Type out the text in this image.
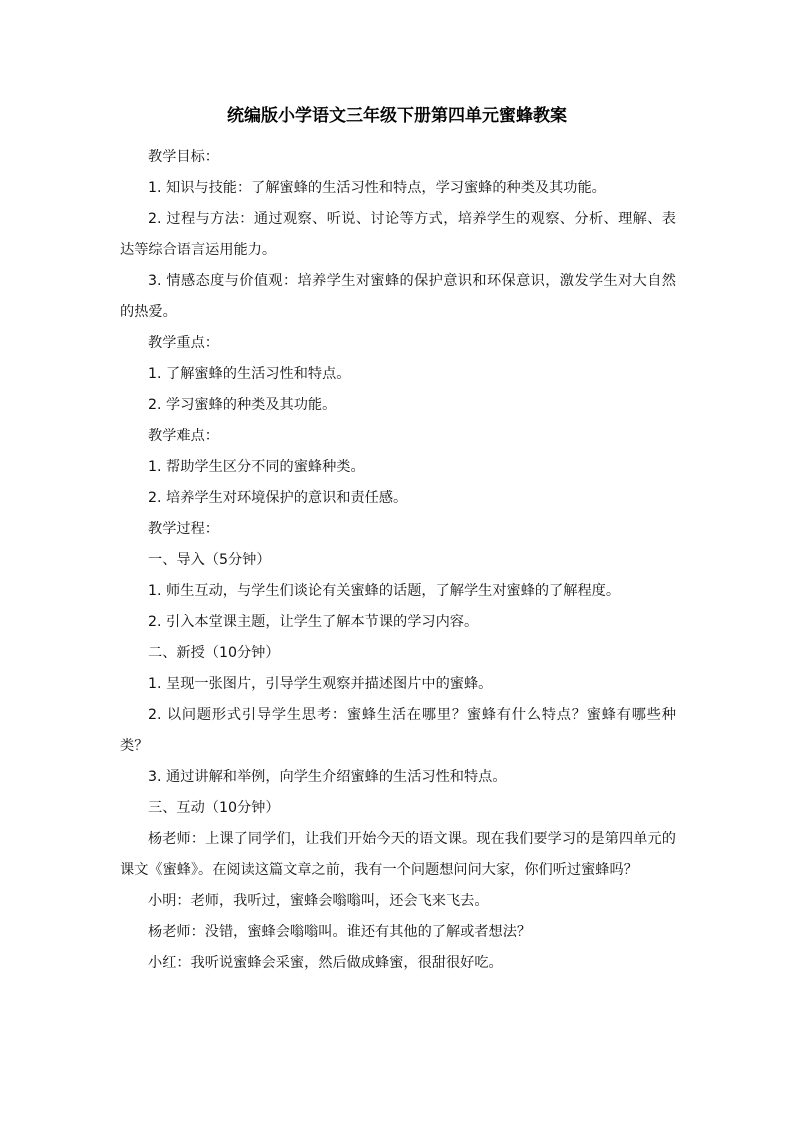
统编版小学语文三年级下册第四单元蜜蜂教案

教学目标：

1. 知识与技能：了解蜜蜂的生活习性和特点，学习蜜蜂的种类及其功能。

2. 过程与方法：通过观察、听说、讨论等方式，培养学生的观察、分析、理解、表达等综合语言运用能力。

3. 情感态度与价值观：培养学生对蜜蜂的保护意识和环保意识，激发学生对大自然的热爱。

教学重点：

1. 了解蜜蜂的生活习性和特点。

2. 学习蜜蜂的种类及其功能。

教学难点：

1. 帮助学生区分不同的蜜蜂种类。

2. 培养学生对环境保护的意识和责任感。

教学过程：

一、导入（5分钟）

1. 师生互动，与学生们谈论有关蜜蜂的话题，了解学生对蜜蜂的了解程度。

2. 引入本堂课主题，让学生了解本节课的学习内容。

二、新授（10分钟）

1. 呈现一张图片，引导学生观察并描述图片中的蜜蜂。

2. 以问题形式引导学生思考：蜜蜂生活在哪里？蜜蜂有什么特点？蜜蜂有哪些种类？

3. 通过讲解和举例，向学生介绍蜜蜂的生活习性和特点。

三、互动（10分钟）

杨老师：上课了同学们，让我们开始今天的语文课。现在我们要学习的是第四单元的课文《蜜蜂》。在阅读这篇文章之前，我有一个问题想问问大家，你们听过蜜蜂吗？

小明：老师，我听过，蜜蜂会嗡嗡叫，还会飞来飞去。

杨老师：没错，蜜蜂会嗡嗡叫。谁还有其他的了解或者想法？

小红：我听说蜜蜂会采蜜，然后做成蜂蜜，很甜很好吃。
